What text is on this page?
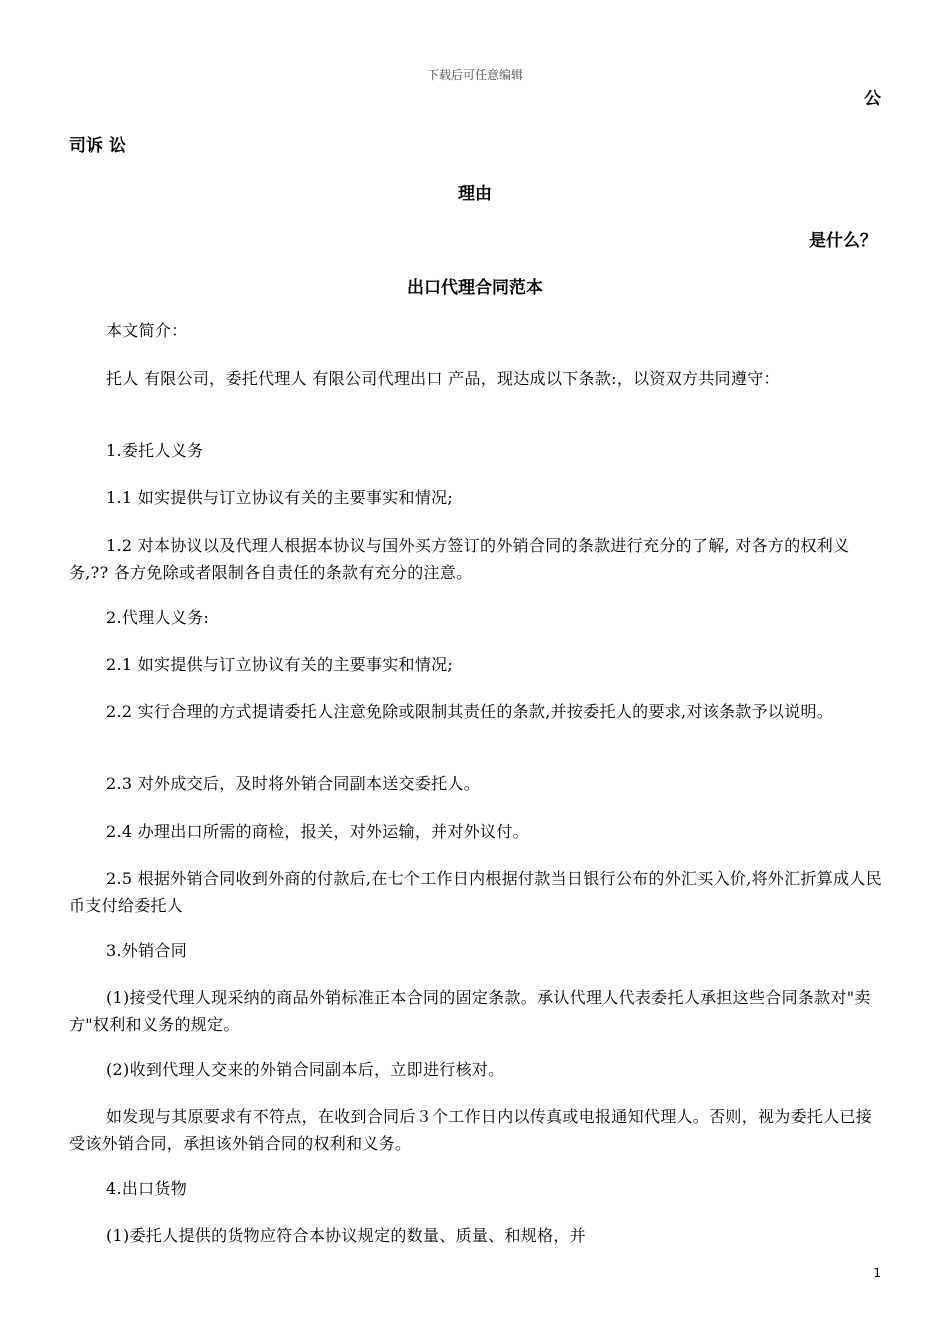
下载后可任意编辑
公
司诉 讼
理由
是什么？
出口代理合同范本
本文简介：
托人 有限公司，委托代理人 有限公司代理出口 产品，现达成以下条款:，以资双方共同遵守：
1.委托人义务
1.1 如实提供与订立协议有关的主要事实和情况;
1.2 对本协议以及代理人根据本协议与国外买方签订的外销合同的条款进行充分的了解, 对各方的权利义务,?? 各方免除或者限制各自责任的条款有充分的注意。
2.代理人义务:
2.1 如实提供与订立协议有关的主要事实和情况;
2.2 实行合理的方式提请委托人注意免除或限制其责任的条款,并按委托人的要求,对该条款予以说明。
2.3 对外成交后，及时将外销合同副本送交委托人。
2.4 办理出口所需的商检，报关，对外运输，并对外议付。
2.5 根据外销合同收到外商的付款后,在七个工作日内根据付款当日银行公布的外汇买入价,将外汇折算成人民币支付给委托人
3.外销合同
(1)接受代理人现采纳的商品外销标准正本合同的固定条款。承认代理人代表委托人承担这些合同条款对"卖方"权利和义务的规定。
(2)收到代理人交来的外销合同副本后，立即进行核对。
如发现与其原要求有不符点，在收到合同后３个工作日内以传真或电报通知代理人。否则，视为委托人已接受该外销合同，承担该外销合同的权利和义务。
4.出口货物
(1)委托人提供的货物应符合本协议规定的数量、质量、和规格，并
1
